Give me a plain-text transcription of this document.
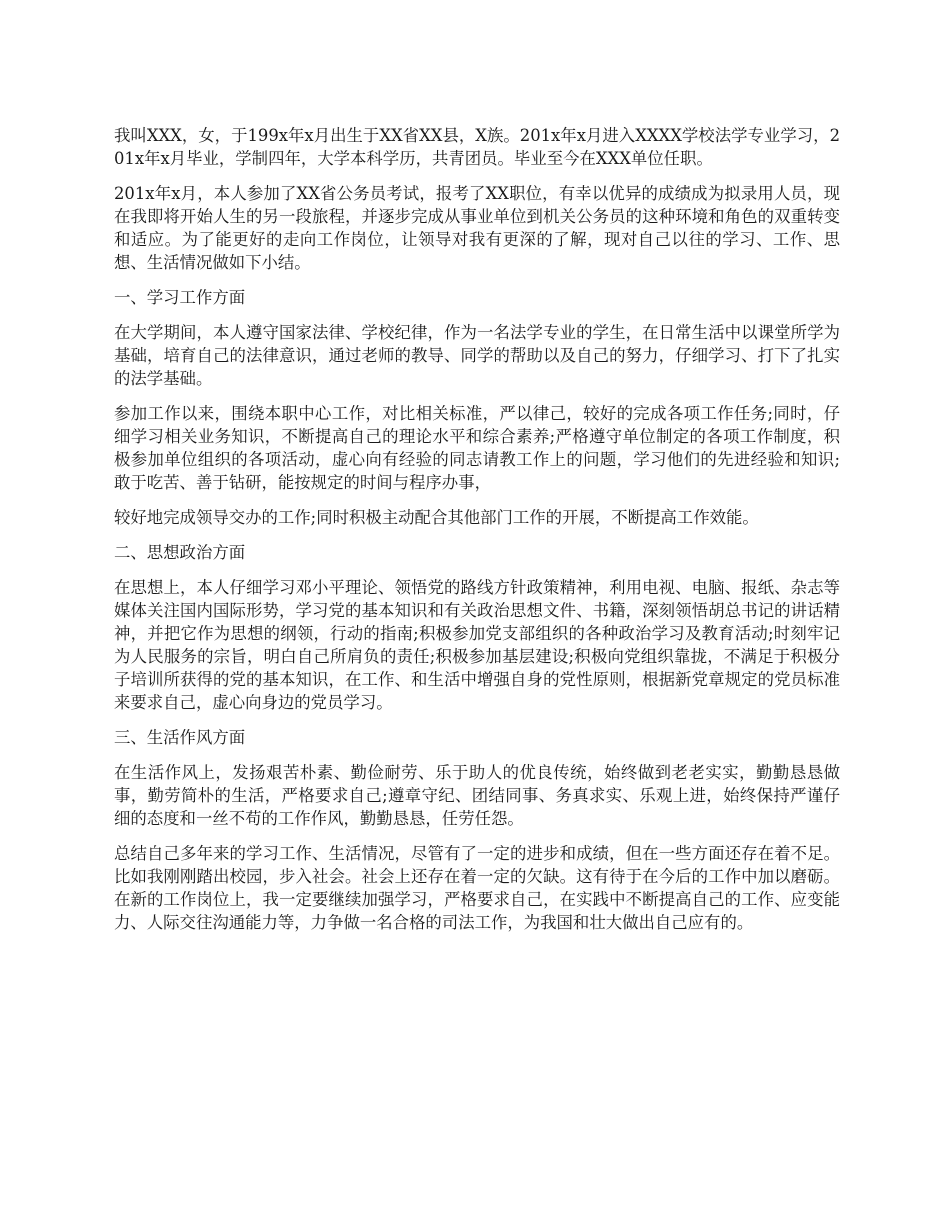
我叫XXX，女，于199x年x月出生于XX省XX县，X族。201x年x月进入XXXX学校法学专业学习，201x年x月毕业，学制四年，大学本科学历，共青团员。毕业至今在XXX单位任职。

201x年x月，本人参加了XX省公务员考试，报考了XX职位，有幸以优异的成绩成为拟录用人员，现在我即将开始人生的另一段旅程，并逐步完成从事业单位到机关公务员的这种环境和角色的双重转变和适应。为了能更好的走向工作岗位，让领导对我有更深的了解，现对自己以往的学习、工作、思想、生活情况做如下小结。

一、学习工作方面

在大学期间，本人遵守国家法律、学校纪律，作为一名法学专业的学生，在日常生活中以课堂所学为基础，培育自己的法律意识，通过老师的教导、同学的帮助以及自己的努力，仔细学习、打下了扎实的法学基础。

参加工作以来，围绕本职中心工作，对比相关标准，严以律己，较好的完成各项工作任务;同时，仔细学习相关业务知识，不断提高自己的理论水平和综合素养;严格遵守单位制定的各项工作制度，积极参加单位组织的各项活动，虚心向有经验的同志请教工作上的问题，学习他们的先进经验和知识;敢于吃苦、善于钻研，能按规定的时间与程序办事，

较好地完成领导交办的工作;同时积极主动配合其他部门工作的开展，不断提高工作效能。

二、思想政治方面

在思想上，本人仔细学习邓小平理论、领悟党的路线方针政策精神，利用电视、电脑、报纸、杂志等媒体关注国内国际形势，学习党的基本知识和有关政治思想文件、书籍，深刻领悟胡总书记的讲话精神，并把它作为思想的纲领，行动的指南;积极参加党支部组织的各种政治学习及教育活动;时刻牢记为人民服务的宗旨，明白自己所肩负的责任;积极参加基层建设;积极向党组织靠拢，不满足于积极分子培训所获得的党的基本知识，在工作、和生活中增强自身的党性原则，根据新党章规定的党员标准来要求自己，虚心向身边的党员学习。

三、生活作风方面

在生活作风上，发扬艰苦朴素、勤俭耐劳、乐于助人的优良传统，始终做到老老实实，勤勤恳恳做事，勤劳简朴的生活，严格要求自己;遵章守纪、团结同事、务真求实、乐观上进，始终保持严谨仔细的态度和一丝不苟的工作作风，勤勤恳恳，任劳任怨。

总结自己多年来的学习工作、生活情况，尽管有了一定的进步和成绩，但在一些方面还存在着不足。比如我刚刚踏出校园，步入社会。社会上还存在着一定的欠缺。这有待于在今后的工作中加以磨砺。在新的工作岗位上，我一定要继续加强学习，严格要求自己，在实践中不断提高自己的工作、应变能力、人际交往沟通能力等，力争做一名合格的司法工作，为我国和壮大做出自己应有的。
